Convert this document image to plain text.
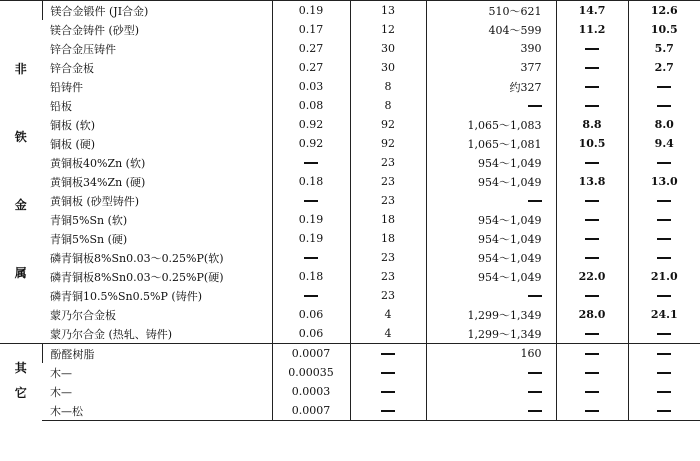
非
铁
金
属	镁合金锻件 (JI合金)	0.19	13	510～621	14.7	12.6
	镁合金铸件 (砂型)	0.17	12	404～599	11.2	10.5
	锌合金压铸件	0.27	30	390		5.7
	锌合金板	0.27	30	377		2.7
	铅铸件	0.03	8	约327		
	铅板	0.08	8			
	铜板 (软)	0.92	92	1,065～1,083	8.8	8.0
	铜板 (硬)	0.92	92	1,065～1,081	10.5	9.4
	黄铜板40%Zn (软)		23	954～1,049		
	黄铜板34%Zn (硬)	0.18	23	954～1,049	13.8	13.0
	黄铜板 (砂型铸件)		23			
	青铜5%Sn (软)	0.19	18	954～1,049		
	青铜5%Sn (硬)	0.19	18	954～1,049		
	磷青铜板8%Sn0.03～0.25%P(软)		23	954～1,049		
	磷青铜板8%Sn0.03～0.25%P(硬)	0.18	23	954～1,049	22.0	21.0
	磷青铜10.5%Sn0.5%P (铸件)		23			
	蒙乃尔合金板	0.06	4	1,299～1,349	28.0	24.1
	蒙乃尔合金 (热轧、铸件)	0.06	4	1,299～1,349		

其
它	酚醛树脂	0.0007		160		
	木—	0.00035				
	木—	0.0003				
	木—松	0.0007				
